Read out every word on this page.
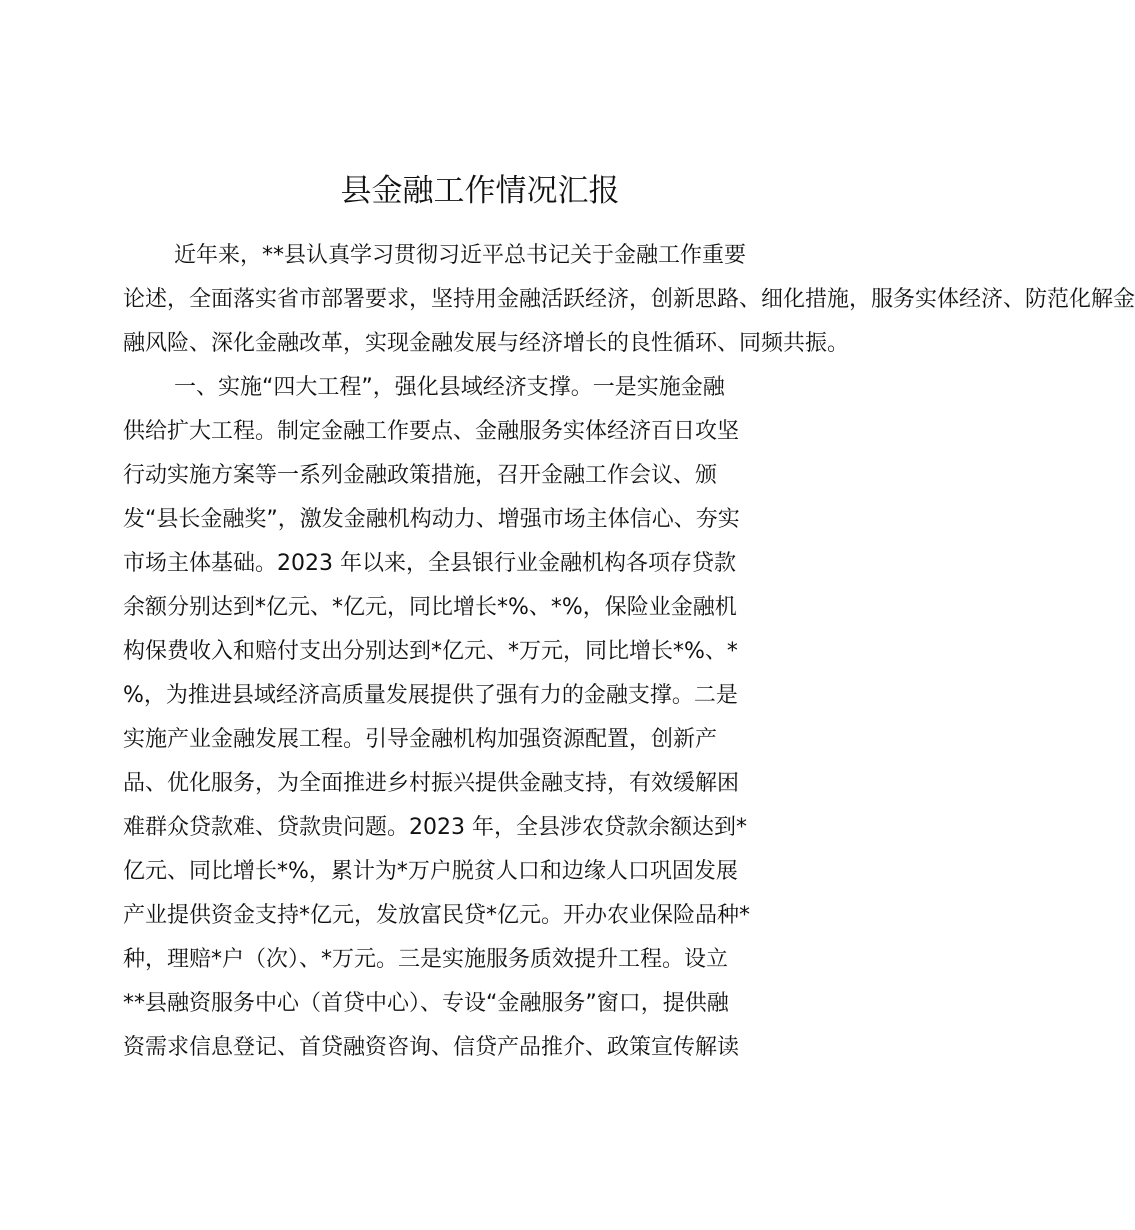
县金融工作情况汇报
近年来，**县认真学习贯彻习近平总书记关于金融工作重要
论述，全面落实省市部署要求，坚持用金融活跃经济，创新思路、细化措施，服务实体经济、防范化解金
融风险、深化金融改革，实现金融发展与经济增长的良性循环、同频共振。
一、实施“四大工程”，强化县域经济支撑。一是实施金融
供给扩大工程。制定金融工作要点、金融服务实体经济百日攻坚
行动实施方案等一系列金融政策措施，召开金融工作会议、颁
发“县长金融奖”，激发金融机构动力、增强市场主体信心、夯实
市场主体基础。2023 年以来，全县银行业金融机构各项存贷款
余额分别达到*亿元、*亿元，同比增长*%、*%，保险业金融机
构保费收入和赔付支出分别达到*亿元、*万元，同比增长*%、*
%，为推进县域经济高质量发展提供了强有力的金融支撑。二是
实施产业金融发展工程。引导金融机构加强资源配置，创新产
品、优化服务，为全面推进乡村振兴提供金融支持，有效缓解困
难群众贷款难、贷款贵问题。2023 年，全县涉农贷款余额达到*
亿元、同比增长*%，累计为*万户脱贫人口和边缘人口巩固发展
产业提供资金支持*亿元，发放富民贷*亿元。开办农业保险品种*
种，理赔*户（次）、*万元。三是实施服务质效提升工程。设立
**县融资服务中心（首贷中心）、专设“金融服务”窗口，提供融
资需求信息登记、首贷融资咨询、信贷产品推介、政策宣传解读
